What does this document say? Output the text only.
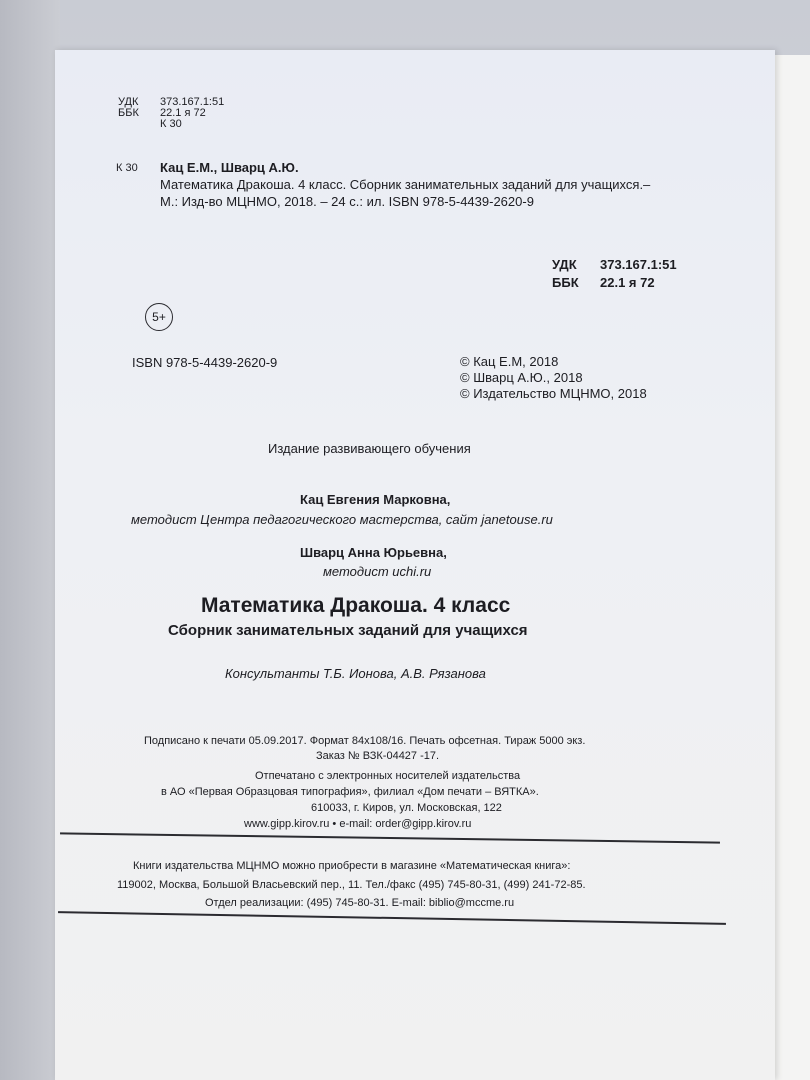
УДК 373.167.1:51
ББК 22.1 я 72
К 30
К 30 Кац Е.М., Шварц А.Ю.
Математика Дракоша. 4 класс. Сборник занимательных заданий для учащихся.–
М.: Изд-во МЦНМО, 2018. – 24 с.: ил. ISBN 978-5-4439-2620-9
УДК 373.167.1:51
ББК 22.1 я 72
5+
ISBN 978-5-4439-2620-9	© Кац Е.М, 2018
© Шварц А.Ю., 2018
© Издательство МЦНМО, 2018
Издание развивающего обучения
Кац Евгения Марковна,
методист Центра педагогического мастерства, сайт janetouse.ru
Шварц Анна Юрьевна,
методист uchi.ru
Математика Дракоша. 4 класс
Сборник занимательных заданий для учащихся
Консультанты Т.Б. Ионова, А.В. Рязанова
Подписано к печати 05.09.2017. Формат 84х108/16. Печать офсетная. Тираж 5000 экз.
Заказ № ВЗК-04427 -17.
Отпечатано с электронных носителей издательства
в АО «Первая Образцовая типография», филиал «Дом печати – ВЯТКА».
610033, г. Киров, ул. Московская, 122
www.gipp.kirov.ru • e-mail: order@gipp.kirov.ru
Книги издательства МЦНМО можно приобрести в магазине «Математическая книга»:
119002, Москва, Большой Власьевский пер., 11. Тел./факс (495) 745-80-31, (499) 241-72-85.
Отдел реализации: (495) 745-80-31. E-mail: biblio@mccme.ru
